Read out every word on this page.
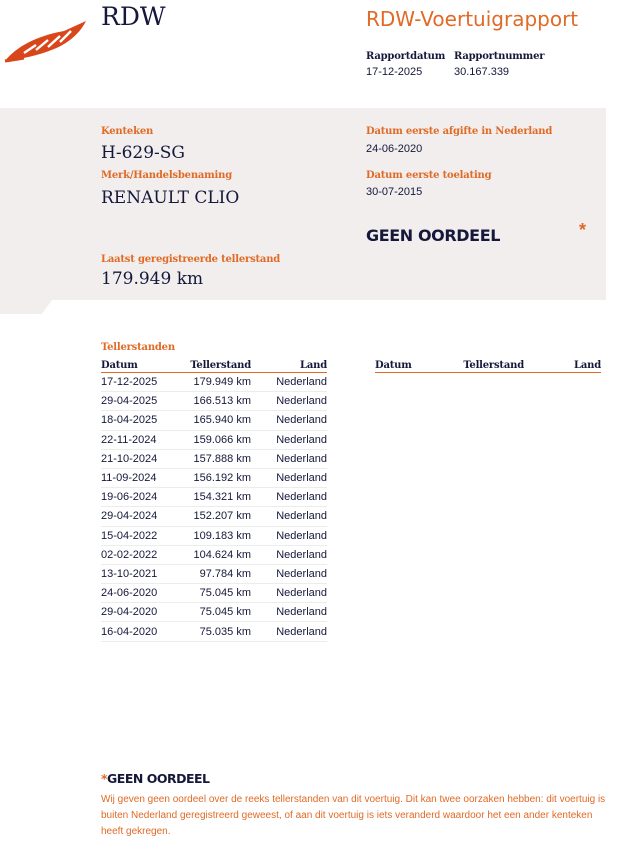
RDW	RDW-Voertuigrapport
Rapportdatum
17-12-2025
Rapportnummer
30.167.339
Kenteken
H-629-SG
Merk/Handelsbenaming
RENAULT CLIO
Datum eerste afgifte in Nederland
24-06-2020
Datum eerste toelating
30-07-2015
GEEN OORDEEL	*
Laatst geregistreerde tellerstand
179.949 km
Tellerstanden
Datum	Tellerstand	Land
17-12-2025	179.949 km	Nederland
29-04-2025	166.513 km	Nederland
18-04-2025	165.940 km	Nederland
22-11-2024	159.066 km	Nederland
21-10-2024	157.888 km	Nederland
11-09-2024	156.192 km	Nederland
19-06-2024	154.321 km	Nederland
29-04-2024	152.207 km	Nederland
15-04-2022	109.183 km	Nederland
02-02-2022	104.624 km	Nederland
13-10-2021	97.784 km	Nederland
24-06-2020	75.045 km	Nederland
29-04-2020	75.045 km	Nederland
16-04-2020	75.035 km	Nederland
Datum	Tellerstand	Land
*GEEN OORDEEL
Wij geven geen oordeel over de reeks tellerstanden van dit voertuig. Dit kan twee oorzaken hebben: dit voertuig is buiten Nederland geregistreerd geweest, of aan dit voertuig is iets veranderd waardoor het een ander kenteken heeft gekregen.
